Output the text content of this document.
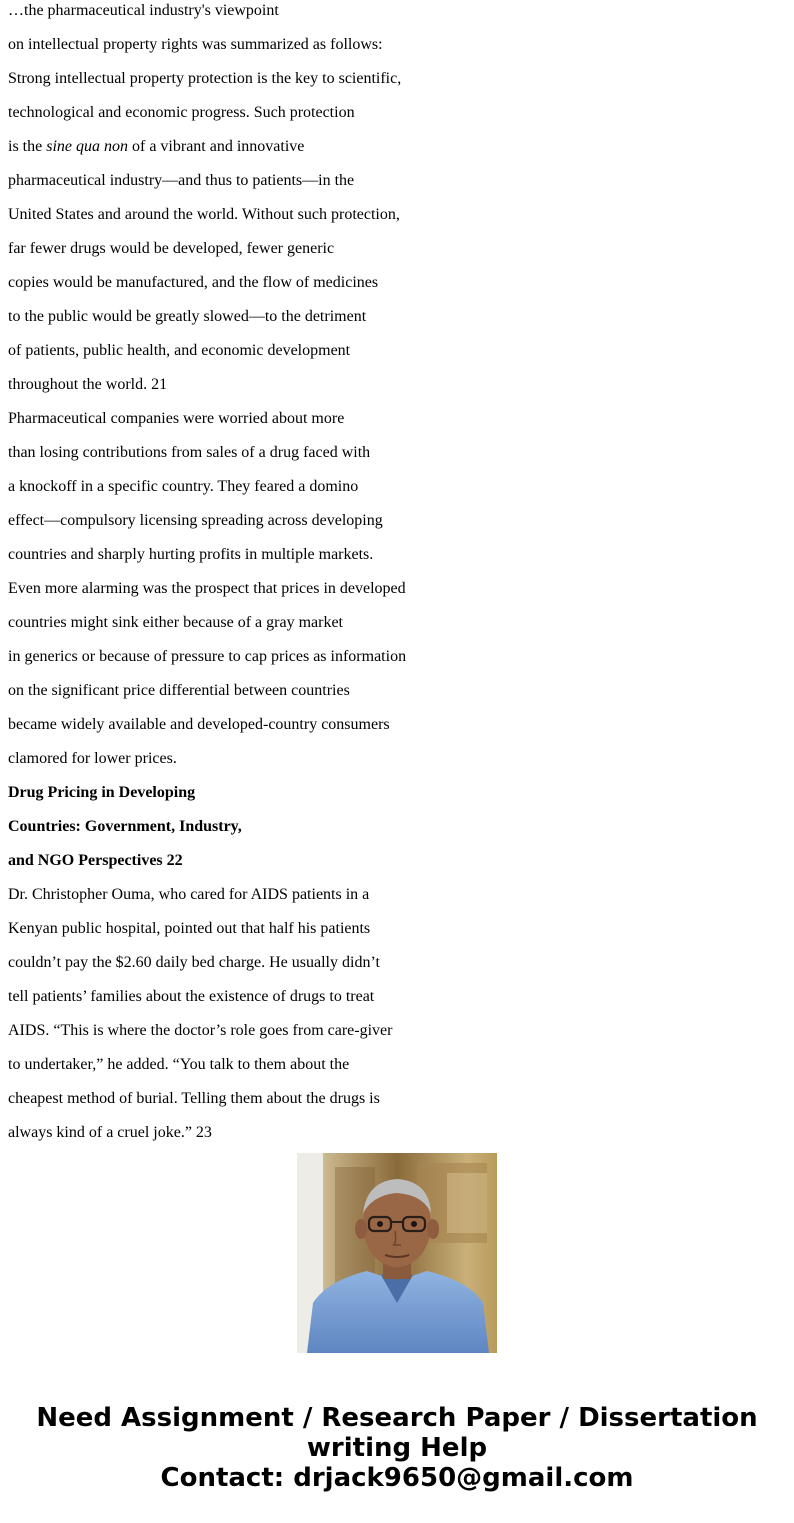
…the pharmaceutical industry's viewpoint
on intellectual property rights was summarized as follows:
Strong intellectual property protection is the key to scientific,
technological and economic progress. Such protection
is the sine qua non of a vibrant and innovative
pharmaceutical industry—and thus to patients—in the
United States and around the world. Without such protection,
far fewer drugs would be developed, fewer generic
copies would be manufactured, and the flow of medicines
to the public would be greatly slowed—to the detriment
of patients, public health, and economic development
throughout the world. 21
Pharmaceutical companies were worried about more
than losing contributions from sales of a drug faced with
a knockoff in a specific country. They feared a domino
effect—compulsory licensing spreading across developing
countries and sharply hurting profits in multiple markets.
Even more alarming was the prospect that prices in developed
countries might sink either because of a gray market
in generics or because of pressure to cap prices as information
on the significant price differential between countries
became widely available and developed-country consumers
clamored for lower prices.
Drug Pricing in Developing
Countries: Government, Industry,
and NGO Perspectives 22
Dr. Christopher Ouma, who cared for AIDS patients in a
Kenyan public hospital, pointed out that half his patients
couldn’t pay the $2.60 daily bed charge. He usually didn’t
tell patients’ families about the existence of drugs to treat
AIDS. “This is where the doctor’s role goes from care-giver
to undertaker,” he added. “You talk to them about the
cheapest method of burial. Telling them about the drugs is
always kind of a cruel joke.” 23
Need Assignment / Research Paper / Dissertation
writing Help
Contact: drjack9650@gmail.com
